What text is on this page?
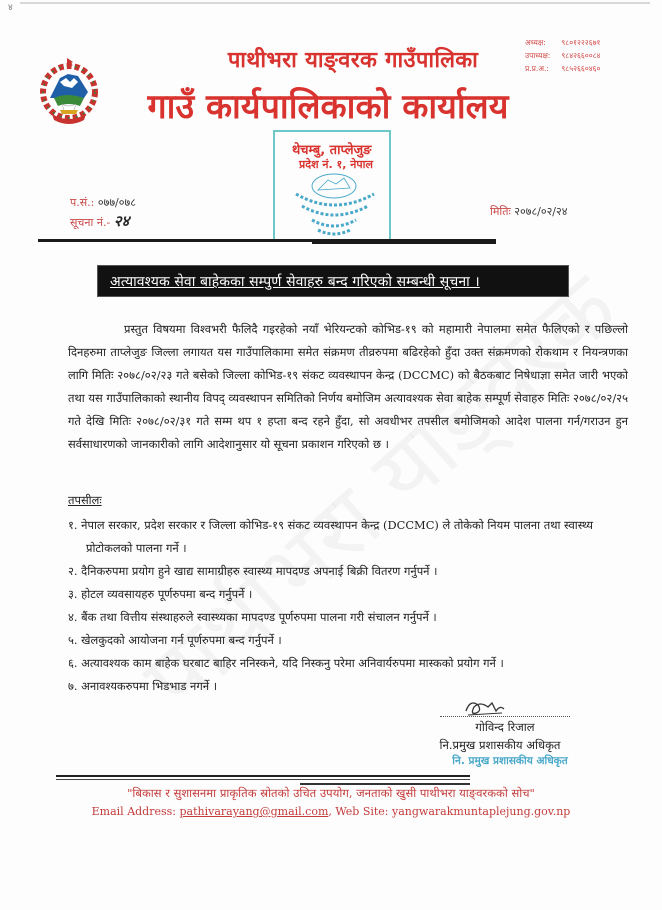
४
पाथीभरा याङ्वरक गाउँपालिका
गाउँ कार्यपालिकाको कार्यालय
अध्यक्ष: ९८०१२२२६७१
उपाध्यक्ष: ९८४२६६००८४
प्र.प्र.अ.: ९८५२६६०४६०
थेचम्बु, ताप्लेजुङ
प्रदेश नं. १, नेपाल
प.सं.: ०७७/०७८
सूचना नं.- २४
मितिः २०७८/०२/२४
अत्यावश्यक सेवा बाहेकका सम्पुर्ण सेवाहरु बन्द गरिएको सम्बन्धी सूचना ।

प्रस्तुत विषयमा विश्वभरी फैलिदै गइरहेको नयाँ भेरियन्टको कोभिड-१९ को महामारी नेपालमा समेत फैलिएको र पछिल्लो दिनहरुमा ताप्लेजुङ जिल्ला लगायत यस गाउँपालिकामा समेत संक्रमण तीव्ररुपमा बढिरहेको हुँदा उक्त संक्रमणको रोकथाम र नियन्त्रणका लागि मितिः २०७८/०२/२३ गते बसेको जिल्ला कोभिड-१९ संकट व्यवस्थापन केन्द्र (DCCMC) को बैठकबाट निषेधाज्ञा समेत जारी भएको तथा यस गाउँपालिकाको स्थानीय विपद् व्यवस्थापन समितिको निर्णय बमोजिम अत्यावश्यक सेवा बाहेक सम्पूर्ण सेवाहरु मितिः २०७८/०२/२५ गते देखि मितिः २०७८/०२/३१ गते सम्म थप १ हप्ता बन्द रहने हुँदा, सो अवधीभर तपसील बमोजिमको आदेश पालना गर्न/गराउन हुन सर्वसाधारणको जानकारीको लागि आदेशानुसार यो सूचना प्रकाशन गरिएको छ ।

तपसीलः
१. नेपाल सरकार, प्रदेश सरकार र जिल्ला कोभिड-१९ संकट व्यवस्थापन केन्द्र (DCCMC) ले तोकेको नियम पालना तथा स्वास्थ्य प्रोटोकलको पालना गर्ने ।
२. दैनिकरुपमा प्रयोग हुने खाद्य सामाग्रीहरु स्वास्थ्य मापदण्ड अपनाई बिक्री वितरण गर्नुपर्ने ।
३. होटल व्यवसायहरु पूर्णरुपमा बन्द गर्नुपर्ने ।
४. बैंक तथा वित्तीय संस्थाहरुले स्वास्थ्यका मापदण्ड पूर्णरुपमा पालना गरी संचालन गर्नुपर्ने ।
५. खेलकुदको आयोजना गर्न पूर्णरुपमा बन्द गर्नुपर्ने ।
६. अत्यावश्यक काम बाहेक घरबाट बाहिर ननिस्कने, यदि निस्कनु परेमा अनिवार्यरुपमा मास्कको प्रयोग गर्ने ।
७. अनावश्यकरुपमा भिडभाड नगर्ने ।
गोविन्द रिजाल
नि.प्रमुख प्रशासकीय अधिकृत
नि. प्रमुख प्रशासकीय अधिकृत
"बिकास र सुशासनमा प्राकृतिक स्रोतको उचित उपयोग, जनताको खुसी पाथीभरा याङ्वरकको सोच"
Email Address: pathivarayang@gmail.com, Web Site: yangwarakmuntaplejung.gov.np
